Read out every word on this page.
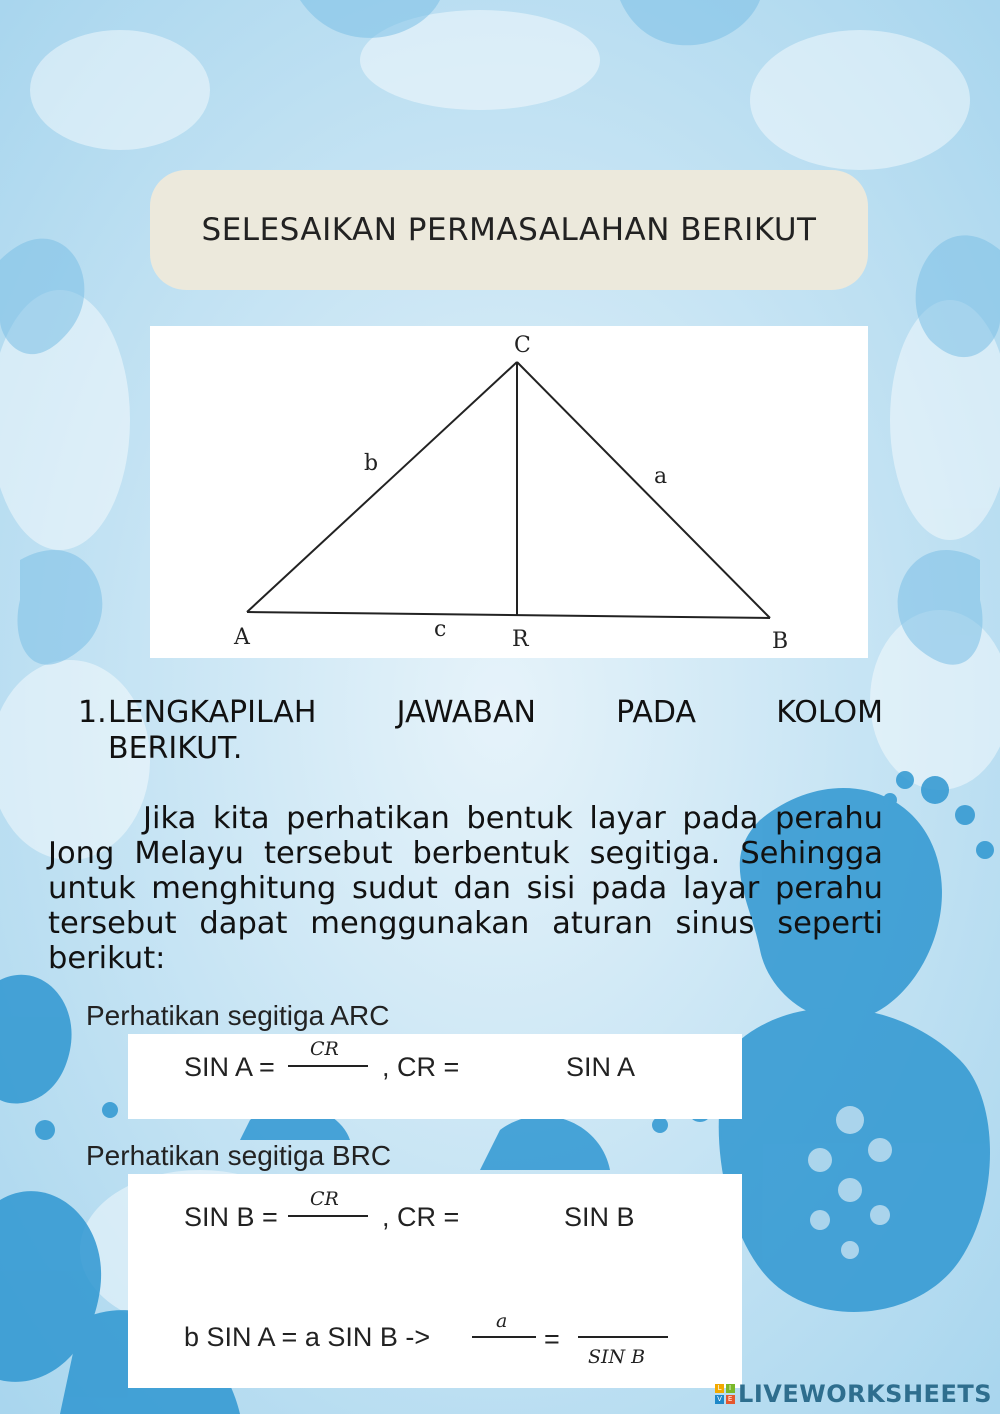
SELESAIKAN PERMASALAHAN BERIKUT
C
b
a
A	c	R	B
1. LENGKAPILAH JAWABAN PADA KOLOM
BERIKUT.
Jika kita perhatikan bentuk layar pada perahu Jong Melayu tersebut berbentuk segitiga. Sehingga untuk menghitung sudut dan sisi pada layar perahu tersebut dapat menggunakan aturan sinus seperti berikut:
Perhatikan segitiga ARC
SIN A =
CR
, CR =	SIN A
Perhatikan segitiga BRC
SIN B =
CR
, CR =	SIN B
b SIN A = a SIN B ->
a
=
SIN B
L	I
V E LIVEWORKSHEETS
